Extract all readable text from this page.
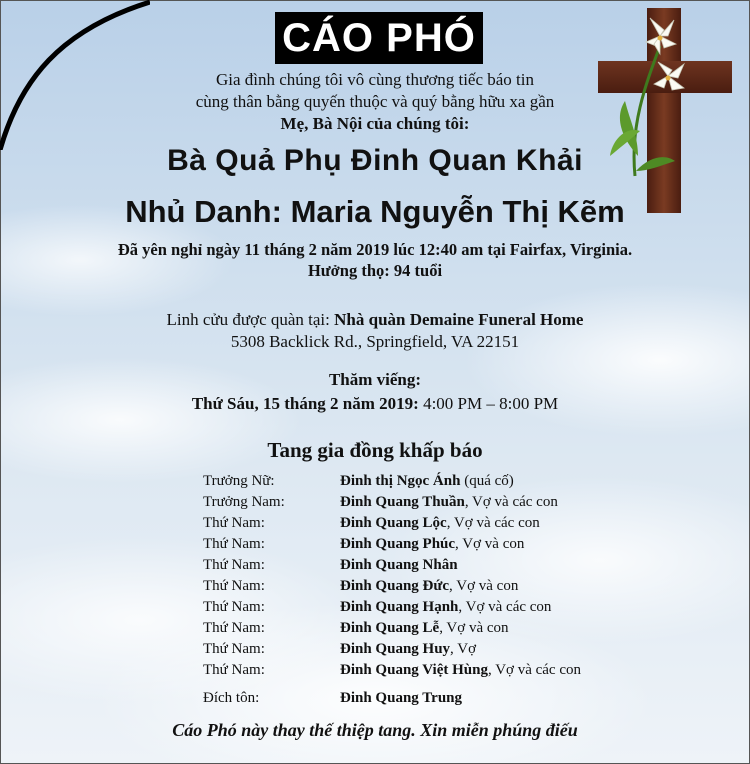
CÁO PHÓ
Gia đình chúng tôi vô cùng thương tiếc báo tin
cùng thân bằng quyến thuộc và quý bằng hữu xa gần
Mẹ, Bà Nội của chúng tôi:
Bà Quả Phụ Đinh Quan Khải
Nhủ Danh: Maria Nguyễn Thị Kẽm
Đã yên nghỉ ngày 11 tháng 2 năm 2019 lúc 12:40 am tại Fairfax, Virginia.
Hưởng thọ: 94 tuổi
Linh cửu được quàn tại: Nhà quàn Demaine Funeral Home
5308 Backlick Rd., Springfield, VA 22151
Thăm viếng:
Thứ Sáu, 15 tháng 2 năm 2019: 4:00 PM – 8:00 PM
Tang gia đồng khấp báo
Trưởng Nữ:	Đinh thị Ngọc Ánh (quá cố)
Trưởng Nam:	Đinh Quang Thuần, Vợ và các con
Thứ Nam:	Đinh Quang Lộc, Vợ và các con
Thứ Nam:	Đinh Quang Phúc, Vợ và con
Thứ Nam:	Đinh Quang Nhân
Thứ Nam:	Đinh Quang Đức, Vợ và con
Thứ Nam:	Đinh Quang Hạnh, Vợ và các con
Thứ Nam:	Đinh Quang Lễ, Vợ và con
Thứ Nam:	Đinh Quang Huy, Vợ
Thứ Nam:	Đinh Quang Việt Hùng, Vợ và các con
Đích tôn:	Đinh Quang Trung
Cáo Phó này thay thế thiệp tang. Xin miễn phúng điếu
